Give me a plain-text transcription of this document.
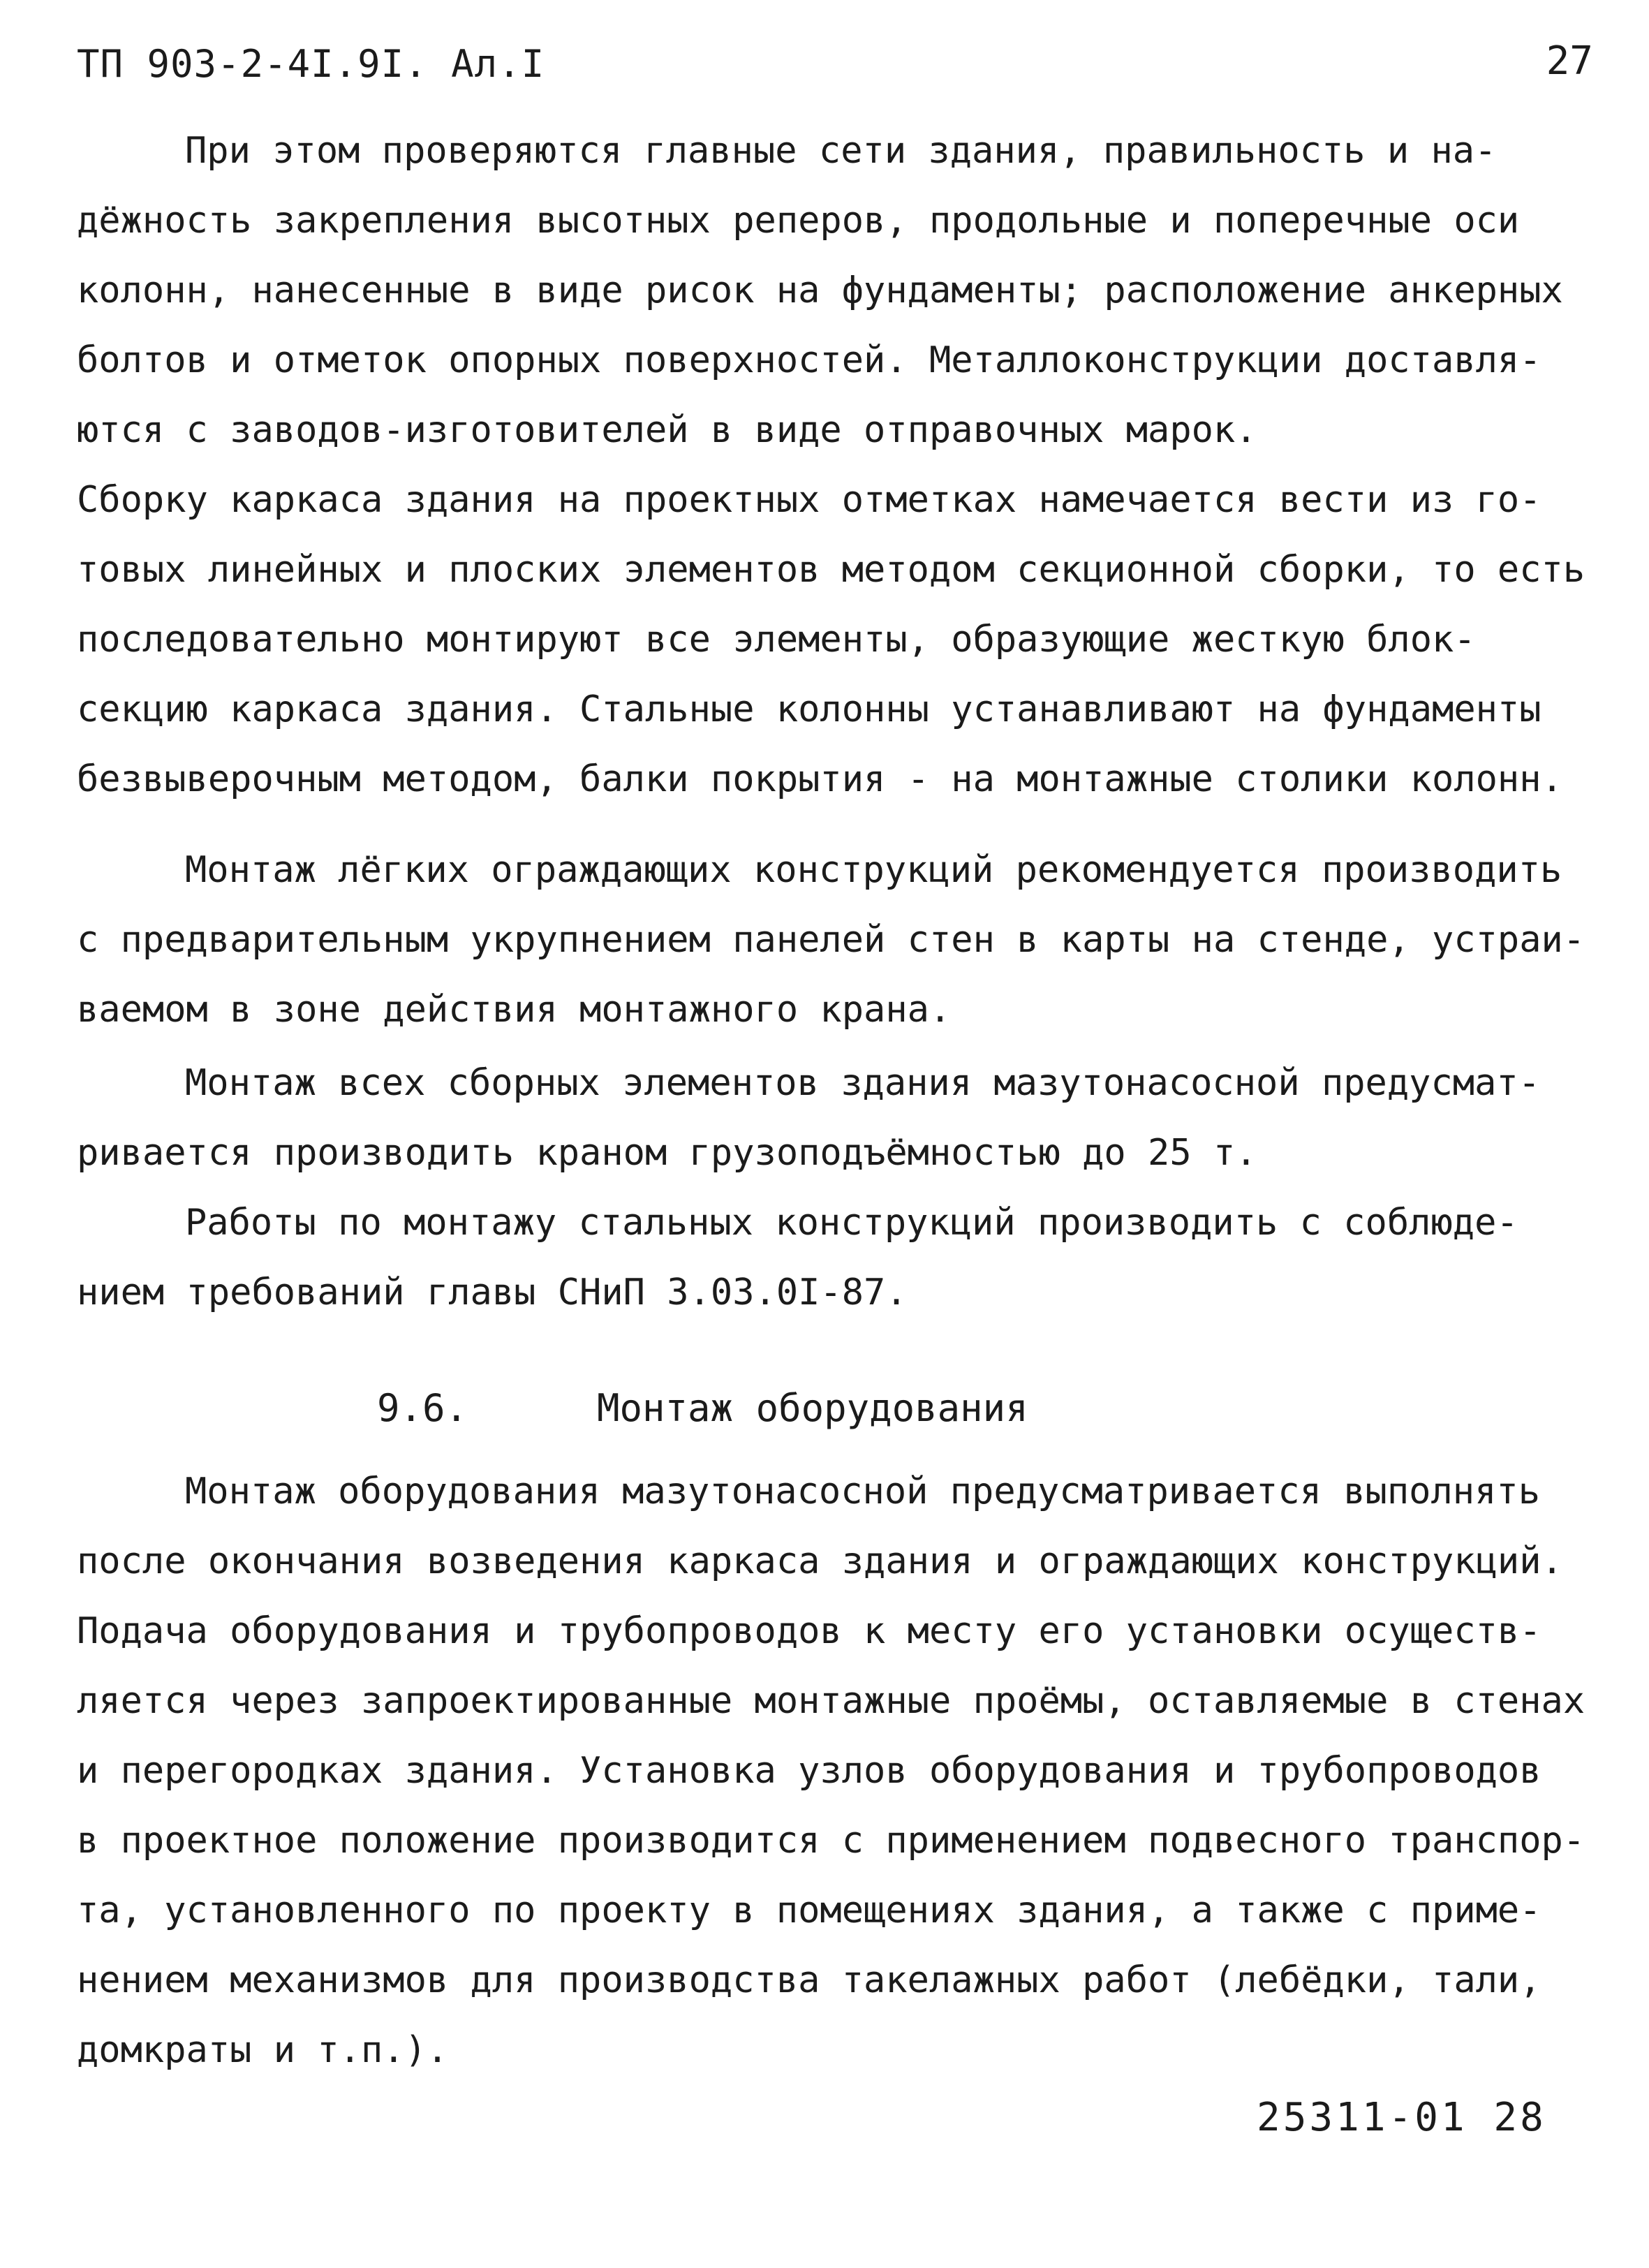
ТП 903-2-4I.9I. Ал.I	27
При этом проверяются главные сети здания, правильность и на-
дёжность закрепления высотных реперов, продольные и поперечные оси
колонн, нанесенные в виде рисок на фундаменты; расположение анкерных
болтов и отметок опорных поверхностей. Металлоконструкции доставля-
ются с заводов-изготовителей в виде отправочных марок.
Сборку каркаса здания на проектных отметках намечается вести из го-
товых линейных и плоских элементов методом секционной сборки, то есть
последовательно монтируют все элементы, образующие жесткую блок-
секцию каркаса здания. Стальные колонны устанавливают на фундаменты
безвыверочным методом, балки покрытия - на монтажные столики колонн.
Монтаж лёгких ограждающих конструкций рекомендуется производить
с предварительным укрупнением панелей стен в карты на стенде, устраи-
ваемом в зоне действия монтажного крана.
Монтаж всех сборных элементов здания мазутонасосной предусмат-
ривается производить краном грузоподъёмностью до 25 т.
Работы по монтажу стальных конструкций производить с соблюде-
нием требований главы СНиП 3.03.0I-87.
9.6.	Монтаж оборудования
Монтаж оборудования мазутонасосной предусматривается выполнять
после окончания возведения каркаса здания и ограждающих конструкций.
Подача оборудования и трубопроводов к месту его установки осуществ-
ляется через запроектированные монтажные проёмы, оставляемые в стенах
и перегородках здания. Установка узлов оборудования и трубопроводов
в проектное положение производится с применением подвесного транспор-
та, установленного по проекту в помещениях здания, а также с приме-
нением механизмов для производства такелажных работ (лебёдки, тали,
домкраты и т.п.).
25311-01 28
